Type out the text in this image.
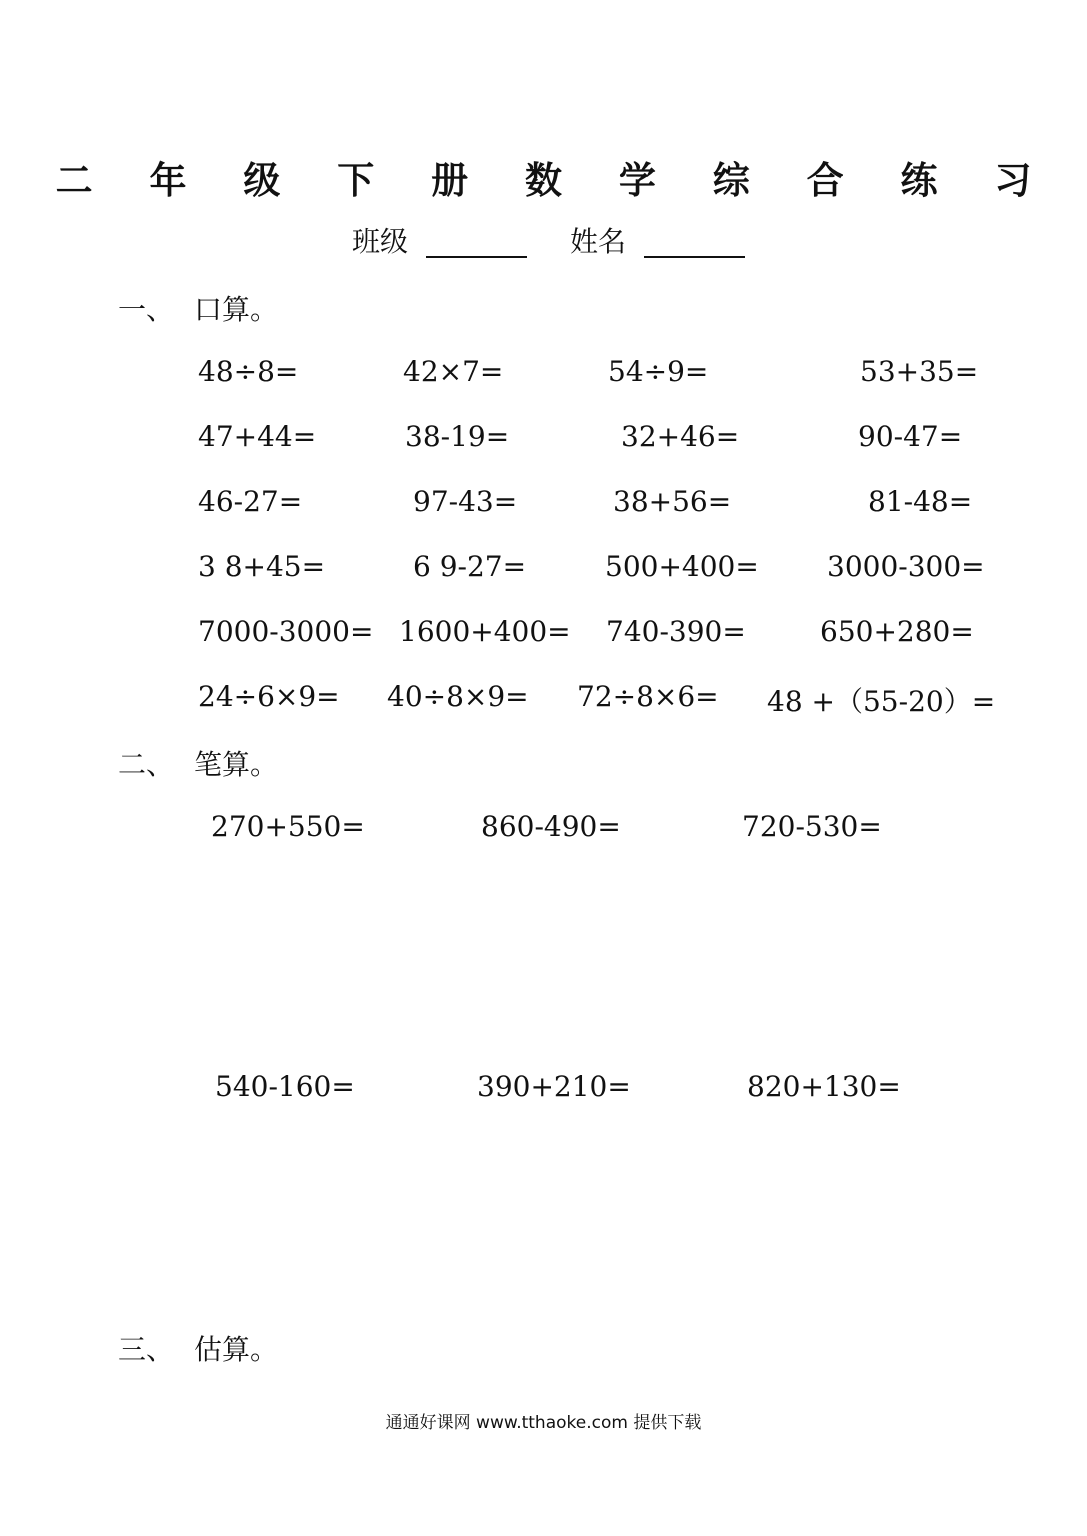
二 年 级 下 册 数 学 综 合 练 习
班级	姓名
一、 口算。
48÷8=	42×7=	54÷9=	53+35=
47+44=	38-19=	32+46=	90-47=
46-27=	97-43=	38+56=	81-48=
3 8+45=	6 9-27=	500+400= 3000-300=
7000-3000= 1600+400= 740-390=	650+280=
24÷6×9= 40÷8×9= 72÷8×6= 48 +（55-20）=
二、 笔算。
270+550=	860-490=	720-530=
540-160=	390+210=	820+130=
三、 估算。
通通好课网 www.tthaoke.com 提供下载
